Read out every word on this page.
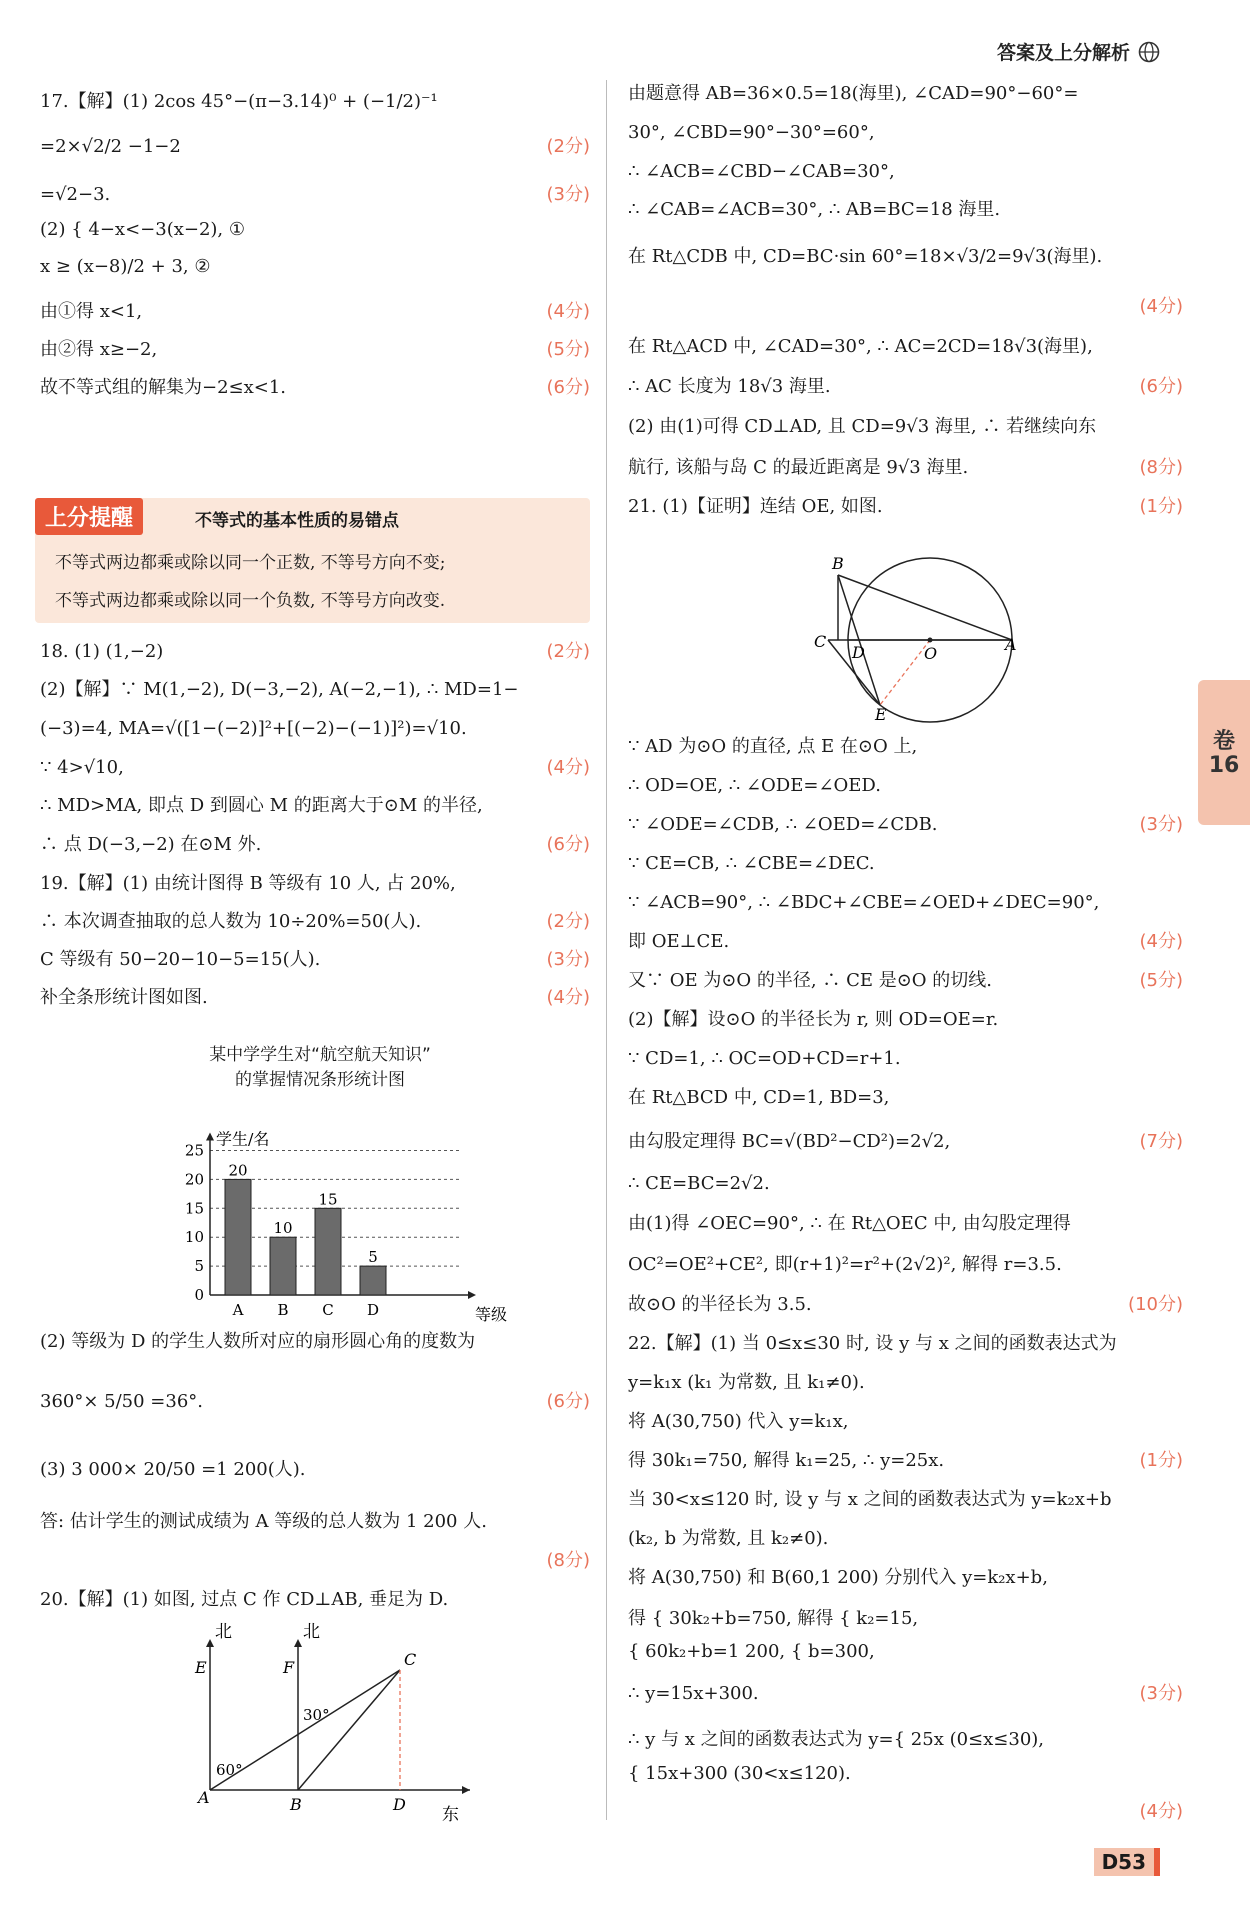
答案及上分解析
17.【解】(1) 2cos 45°−(π−3.14)⁰ + (−1/2)⁻¹
=2×√2/2 −1−2	(2分)
=√2−3.	(3分)
(2) { 4−x<−3(x−2), ①
x ≥ (x−8)/2 + 3, ②
由①得 x<1,	(4分)
由②得 x≥−2,	(5分)
故不等式组的解集为−2≤x<1.	(6分)
18. (1) (1,−2)	(2分)
(2)【解】∵ M(1,−2), D(−3,−2), A(−2,−1), ∴ MD=1−
(−3)=4, MA=√([1−(−2)]²+[(−2)−(−1)]²)=√10.
∵ 4>√10,	(4分)
∴ MD>MA, 即点 D 到圆心 M 的距离大于⊙M 的半径,
∴ 点 D(−3,−2) 在⊙M 外.	(6分)
19.【解】(1) 由统计图得 B 等级有 10 人, 占 20%,
∴ 本次调查抽取的总人数为 10÷20%=50(人).	(2分)
C 等级有 50−20−10−5=15(人).	(3分)
补全条形统计图如图.	(4分)
(2) 等级为 D 的学生人数所对应的扇形圆心角的度数为
360°× 5/50 =36°.	(6分)
(3) 3 000× 20/50 =1 200(人).
答: 估计学生的测试成绩为 A 等级的总人数为 1 200 人.
(8分)
20.【解】(1) 如图, 过点 C 作 CD⊥AB, 垂足为 D.
上分提醒	不等式的基本性质的易错点
不等式两边都乘或除以同一个正数, 不等号方向不变;
不等式两边都乘或除以同一个负数, 不等号方向改变.
某中学学生对“航空航天知识”
的掌握情况条形统计图
0
5
10
15
20
25
学生/名
等级
20
A
10
B
15
C
5
D
北	北
东
A	B
C
D
E	F
60°
30°
由题意得 AB=36×0.5=18(海里), ∠CAD=90°−60°=
30°, ∠CBD=90°−30°=60°,
∴ ∠ACB=∠CBD−∠CAB=30°,
∴ ∠CAB=∠ACB=30°, ∴ AB=BC=18 海里.
在 Rt△CDB 中, CD=BC·sin 60°=18×√3/2=9√3(海里).
(4分)
在 Rt△ACD 中, ∠CAD=30°, ∴ AC=2CD=18√3(海里),
∴ AC 长度为 18√3 海里.	(6分)
(2) 由(1)可得 CD⊥AD, 且 CD=9√3 海里, ∴ 若继续向东
航行, 该船与岛 C 的最近距离是 9√3 海里.	(8分)
21. (1)【证明】连结 OE, 如图.	(1分)
∵ AD 为⊙O 的直径, 点 E 在⊙O 上,
∴ OD=OE, ∴ ∠ODE=∠OED.
∵ ∠ODE=∠CDB, ∴ ∠OED=∠CDB.	(3分)
∵ CE=CB, ∴ ∠CBE=∠DEC.
∵ ∠ACB=90°, ∴ ∠BDC+∠CBE=∠OED+∠DEC=90°,
即 OE⊥CE.	(4分)
又∵ OE 为⊙O 的半径, ∴ CE 是⊙O 的切线.	(5分)
(2)【解】设⊙O 的半径长为 r, 则 OD=OE=r.
∵ CD=1, ∴ OC=OD+CD=r+1.
在 Rt△BCD 中, CD=1, BD=3,
由勾股定理得 BC=√(BD²−CD²)=2√2,	(7分)
∴ CE=BC=2√2.
由(1)得 ∠OEC=90°, ∴ 在 Rt△OEC 中, 由勾股定理得
OC²=OE²+CE², 即(r+1)²=r²+(2√2)², 解得 r=3.5.
故⊙O 的半径长为 3.5.	(10分)
22.【解】(1) 当 0≤x≤30 时, 设 y 与 x 之间的函数表达式为
y=k₁x (k₁ 为常数, 且 k₁≠0).
将 A(30,750) 代入 y=k₁x,
得 30k₁=750, 解得 k₁=25, ∴ y=25x.	(1分)
当 30<x≤120 时, 设 y 与 x 之间的函数表达式为 y=k₂x+b
(k₂, b 为常数, 且 k₂≠0).
将 A(30,750) 和 B(60,1 200) 分别代入 y=k₂x+b,
得 { 30k₂+b=750, 解得 { k₂=15,
{ 60k₂+b=1 200, { b=300,
∴ y=15x+300.	(3分)
∴ y 与 x 之间的函数表达式为 y={ 25x (0≤x≤30),
{ 15x+300 (30<x≤120).
(4分)
B
C
D	O	A
E
卷
16
D53
